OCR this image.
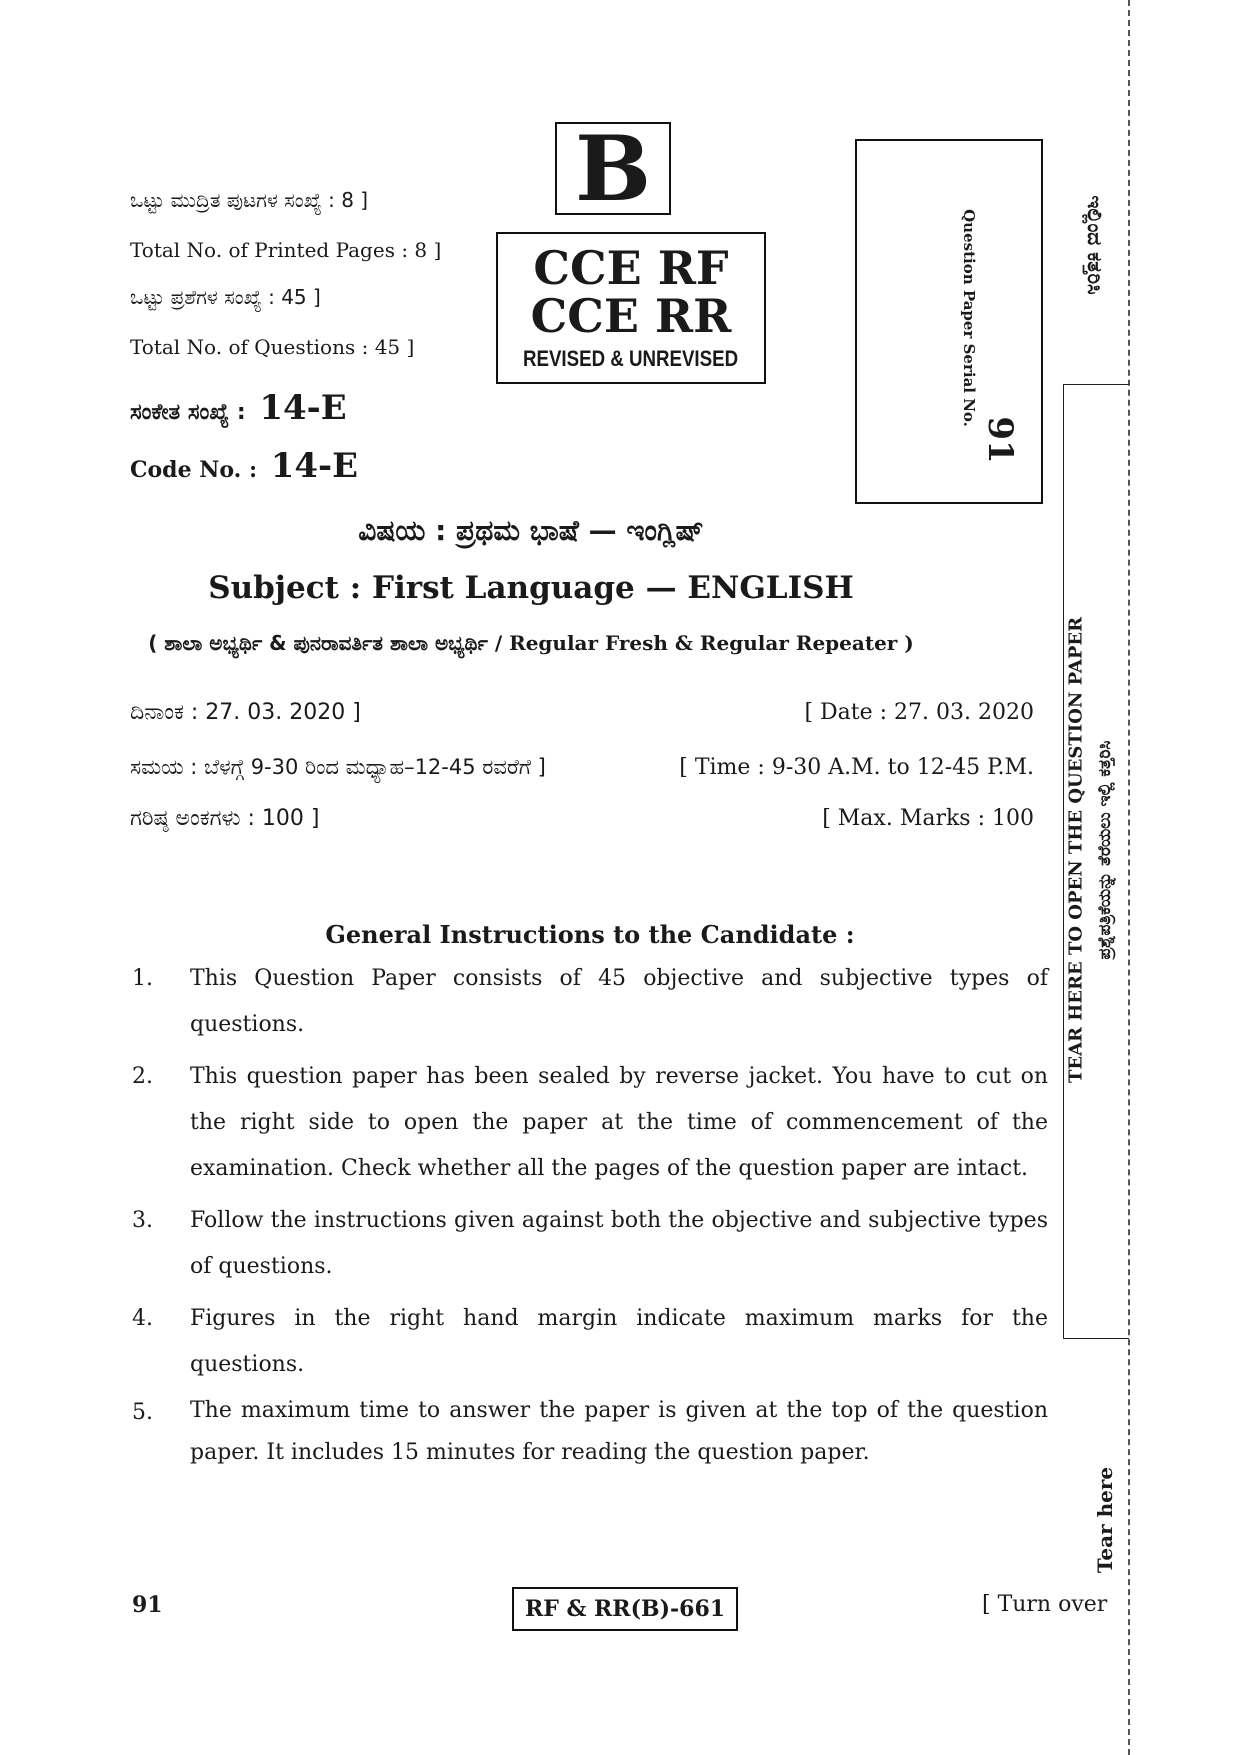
ಒಟ್ಟು ಮುದ್ರಿತ ಪುಟಗಳ ಸಂಖ್ಯೆ : 8 ]
Total No. of Printed Pages : 8 ]
ಒಟ್ಟು ಪ್ರಶೆಗಳ ಸಂಖ್ಯೆ : 45 ]
Total No. of Questions : 45 ]
ಸಂಕೇತ ಸಂಖ್ಯೆ : 14-E
Code No. : 14-E
B
CCE RF
CCE RR
REVISED & UNREVISED	Question Paper Serial No.
91
ಇಲ್ಲಿಂದ ಕತ್ತರಿಸಿ
TEAR HERE TO OPEN THE QUESTION PAPER ಪ್ರಶ್ನೆಪತ್ರಿಕೆಯನ್ನು ತೆರೆಯಲು ಇಲ್ಲಿ ಕತ್ತರಿಸಿ
Tear here
ವಿಷಯ : ಪ್ರಥಮ ಭಾಷೆ — ಇಂಗ್ಲಿಷ್
Subject : First Language — ENGLISH
( ಶಾಲಾ ಅಭ್ಯರ್ಥಿ & ಪುನರಾವರ್ತಿತ ಶಾಲಾ ಅಭ್ಯರ್ಥಿ / Regular Fresh & Regular Repeater )
ದಿನಾಂಕ : 27. 03. 2020 ]	[ Date : 27. 03. 2020
ಸಮಯ : ಬೆಳಗ್ಗೆ 9-30 ರಿಂದ ಮಧ್ಯಾಹ–12-45 ರವರೆಗೆ ]	[ Time : 9-30 A.M. to 12-45 P.M.
ಗರಿಷ್ಠ ಅಂಕಗಳು : 100 ]	[ Max. Marks : 100
General Instructions to the Candidate :
1. This Question Paper consists of 45 objective and subjective types of questions.
2. This question paper has been sealed by reverse jacket. You have to cut on the right side to open the paper at the time of commencement of the examination. Check whether all the pages of the question paper are intact.
3. Follow the instructions given against both the objective and subjective types of questions.
4. Figures in the right hand margin indicate maximum marks for the questions.
5. The maximum time to answer the paper is given at the top of the question paper. It includes 15 minutes for reading the question paper.
91	RF & RR(B)-661	[ Turn over
